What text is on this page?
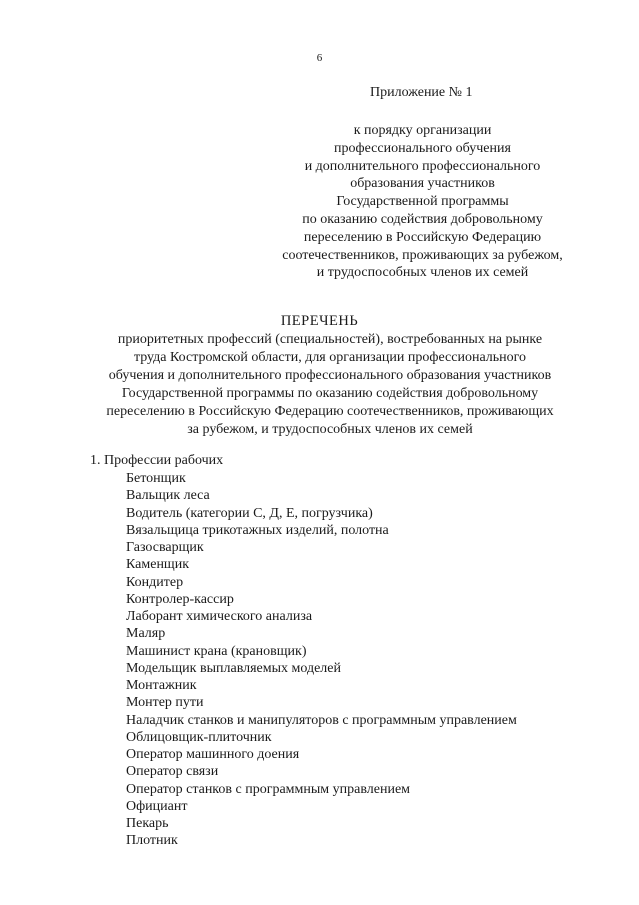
6
Приложение № 1
к порядку организации
профессионального обучения
и дополнительного профессионального
образования участников
Государственной программы
по оказанию содействия добровольному
переселению в Российскую Федерацию
соотечественников, проживающих за рубежом,
и трудоспособных членов их семей
ПЕРЕЧЕНЬ
приоритетных профессий (специальностей), востребованных на рынке
труда Костромской области, для организации профессионального
обучения и дополнительного профессионального образования участников
Государственной программы по оказанию содействия добровольному
переселению в Российскую Федерацию соотечественников, проживающих
за рубежом, и трудоспособных членов их семей
1. Профессии рабочих
Бетонщик
Вальщик леса
Водитель (категории С, Д, Е, погрузчика)
Вязальщица трикотажных изделий, полотна
Газосварщик
Каменщик
Кондитер
Контролер-кассир
Лаборант химического анализа
Маляр
Машинист крана (крановщик)
Модельщик выплавляемых моделей
Монтажник
Монтер пути
Наладчик станков и манипуляторов с программным управлением
Облицовщик-плиточник
Оператор машинного доения
Оператор связи
Оператор станков с программным управлением
Официант
Пекарь
Плотник
